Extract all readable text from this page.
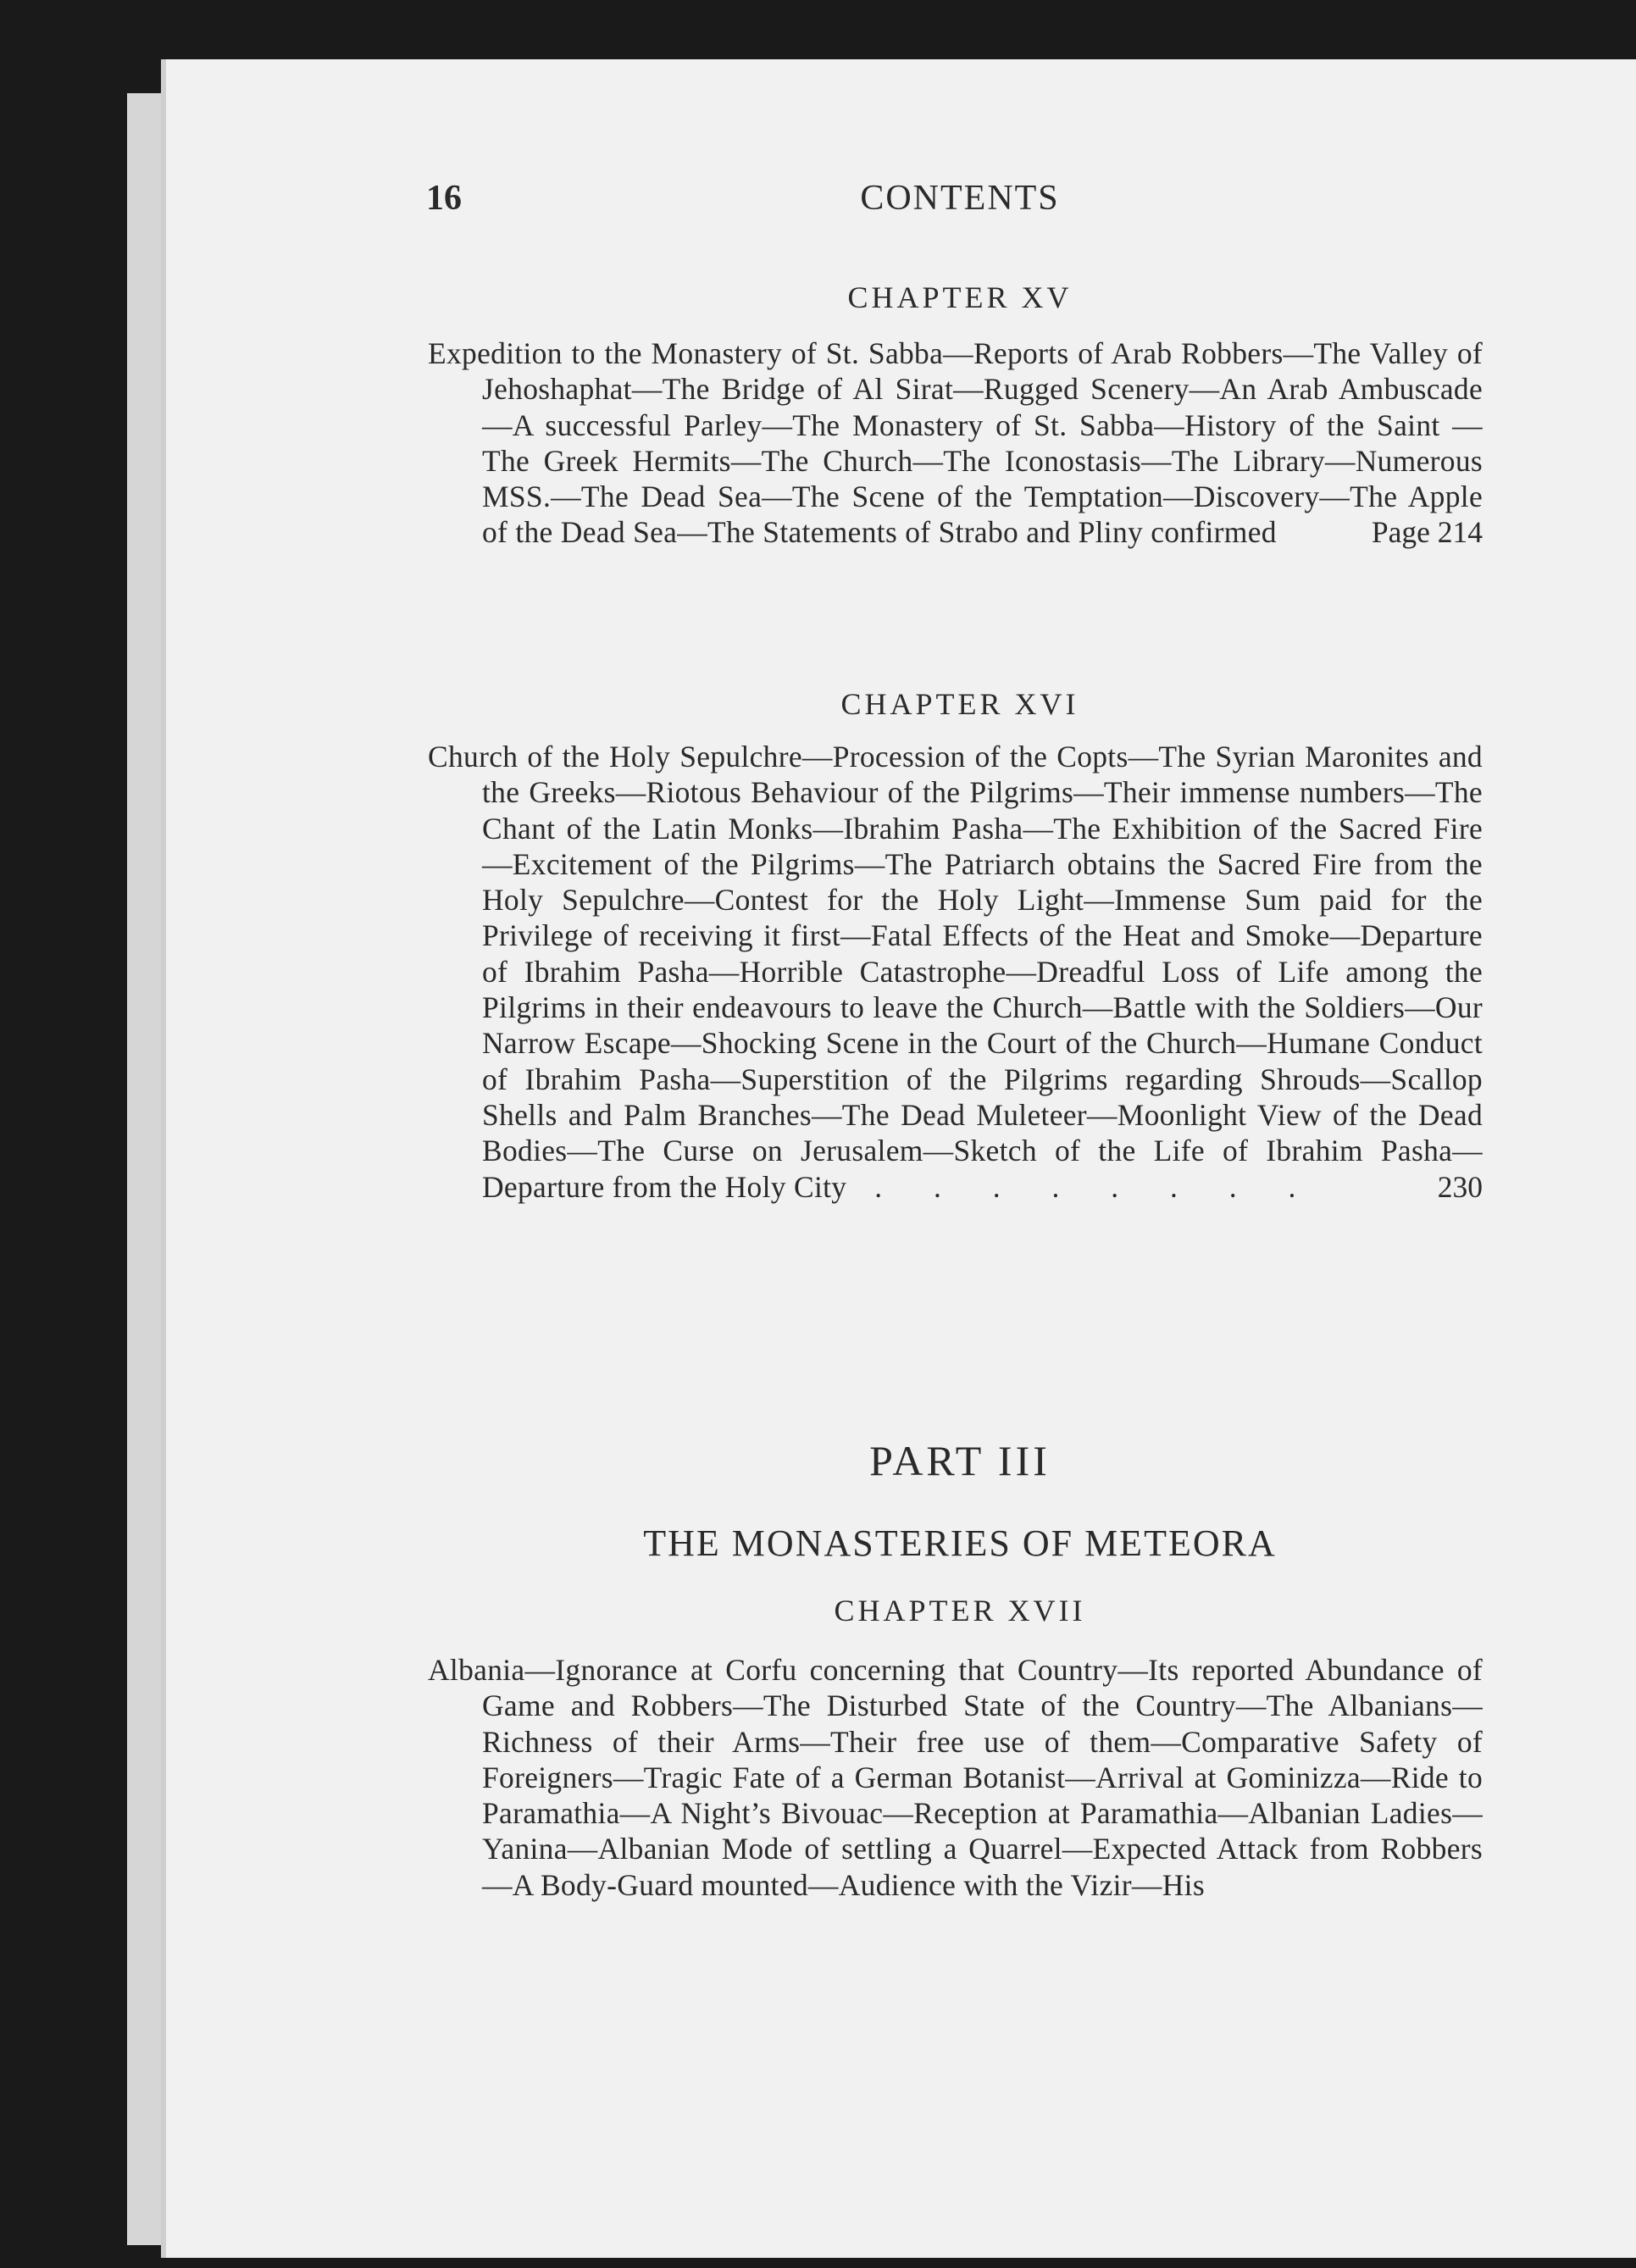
16	CONTENTS
CHAPTER XV
Expedition to the Monastery of St. Sabba—Reports of Arab Robbers—The Valley of Jehoshaphat—The Bridge of Al Sirat—Rugged Scenery—An Arab Ambuscade—A successful Parley—The Monastery of St. Sabba—History of the Saint —The Greek Hermits—The Church—The Iconostasis—The Library—Numerous MSS.—The Dead Sea—The Scene of the Temptation—Discovery—The Apple of the Dead Sea—The Statements of Strabo and Pliny confirmed	Page 214
CHAPTER XVI
Church of the Holy Sepulchre—Procession of the Copts—The Syrian Maronites and the Greeks—Riotous Behaviour of the Pilgrims—Their immense numbers—The Chant of the Latin Monks—Ibrahim Pasha—The Exhibition of the Sacred Fire —Excitement of the Pilgrims—The Patriarch obtains the Sacred Fire from the Holy Sepulchre—Contest for the Holy Light—Immense Sum paid for the Privilege of receiving it first—Fatal Effects of the Heat and Smoke—Departure of Ibrahim Pasha—Horrible Catastrophe—Dreadful Loss of Life among the Pilgrims in their endeavours to leave the Church—Battle with the Soldiers—Our Narrow Escape—Shocking Scene in the Court of the Church—Humane Conduct of Ibrahim Pasha—Superstition of the Pilgrims regarding Shrouds—Scallop Shells and Palm Branches—The Dead Muleteer—Moonlight View of the Dead Bodies—The Curse on Jerusalem—Sketch of the Life of Ibrahim Pasha—Departure from the Holy City . . . . . . . .	230
PART III
THE MONASTERIES OF METEORA
CHAPTER XVII
Albania—Ignorance at Corfu concerning that Country—Its reported Abundance of Game and Robbers—The Disturbed State of the Country—The Albanians—Richness of their Arms—Their free use of them—Comparative Safety of Foreigners—Tragic Fate of a German Botanist—Arrival at Gominizza—Ride to Paramathia—A Night’s Bivouac—Reception at Paramathia—Albanian Ladies—Yanina—Albanian Mode of settling a Quarrel—Expected Attack from Robbers—A Body-Guard mounted—Audience with the Vizir—His
